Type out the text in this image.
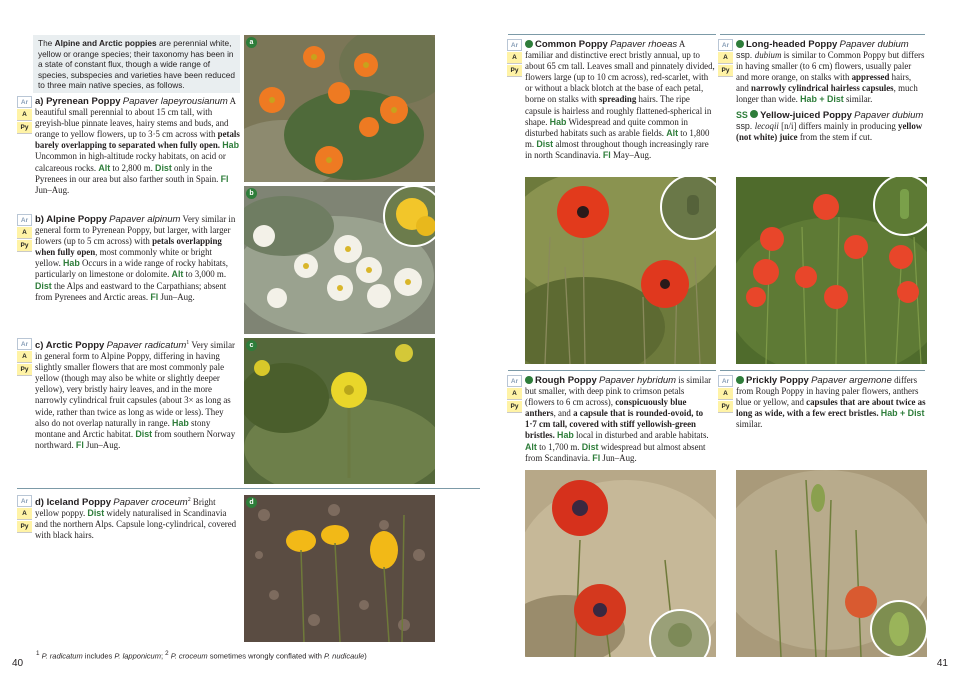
The Alpine and Arctic poppies are perennial white, yellow or orange species; their taxonomy has been in a state of constant flux, though a wide range of species, subspecies and varieties have been reduced to three main native species, as follows.
Ar
A
Py
a) Pyrenean Poppy Papaver lapeyrousianum A beautiful small perennial to about 15 cm tall, with greyish-blue pinnate leaves, hairy stems and buds, and orange to yellow flowers, up to 3·5 cm across with petals barely overlapping to separated when fully open. Hab Uncommon in high-altitude rocky habitats, on acid or calcareous rocks. Alt to 2,800 m. Dist only in the Pyrenees in our area but also farther south in Spain. Fl Jun–Aug.
Ar
A
Py
b) Alpine Poppy Papaver alpinum Very similar in general form to Pyrenean Poppy, but larger, with larger flowers (up to 5 cm across) with petals overlapping when fully open, most commonly white or bright yellow. Hab Occurs in a wide range of rocky habitats, particularly on limestone or dolomite. Alt to 3,000 m. Dist the Alps and eastward to the Carpathians; absent from Pyrenees and Arctic areas. Fl Jun–Aug.
Ar
A
Py
c) Arctic Poppy Papaver radicatum$^1$ Very similar in general form to Alpine Poppy, differing in having slightly smaller flowers that are most commonly pale yellow (though may also be white or slightly deeper yellow), very bristly hairy leaves, and in the more narrowly cylindrical fruit capsules (about 3× as long as wide, rather than twice as long as wide or less). They also do not overlap naturally in range. Hab stony montane and Arctic habitat. Dist from southern Norway northward. Fl Jun–Aug.
Ar
A
Py
d) Iceland Poppy Papaver croceum$^2$ Bright yellow poppy. Dist widely naturalised in Scandinavia and the northern Alps. Capsule long-cylindrical, covered with black hairs.
a
b
c
d
$^1$ P. radicatum includes P. lapponicum; $^2$ P. croceum sometimes wrongly conflated with P. nudicaule)
40
Ar
A
Py
Common Poppy Papaver rhoeas A familiar and distinctive erect bristly annual, up to about 65 cm tall. Leaves small and pinnately divided, flowers large (up to 10 cm across), red-scarlet, with or without a black blotch at the base of each petal, borne on stalks with spreading hairs. The ripe capsule is hairless and roughly flattened-spherical in shape. Hab Widespread and quite common in disturbed habitats such as arable fields. Alt to 1,800 m. Dist almost throughout though increasingly rare in north Scandinavia. Fl May–Aug.
Ar
A
Py
Long-headed Poppy Papaver dubium ssp. dubium is similar to Common Poppy but differs in having smaller (to 6 cm) flowers, usually paler and more orange, on stalks with appressed hairs, and narrowly cylindrical hairless capsules, much longer than wide. Hab + Dist similar.
SS Yellow-juiced Poppy Papaver dubium ssp. lecoqii [n/i] differs mainly in producing yellow (not white) juice from the stem if cut.
Ar
A
Py
Rough Poppy Papaver hybridum is similar but smaller, with deep pink to crimson petals (flowers to 6 cm across), conspicuously blue anthers, and a capsule that is rounded-ovoid, to 1·7 cm tall, covered with stiff yellowish-green bristles. Hab local in disturbed and arable habitats. Alt to 1,700 m. Dist widespread but almost absent from Scandinavia. Fl Jun–Aug.
Ar
A
Py
Prickly Poppy Papaver argemone differs from Rough Poppy in having paler flowers, anthers blue or yellow, and capsules that are about twice as long as wide, with a few erect bristles. Hab + Dist similar.
41
